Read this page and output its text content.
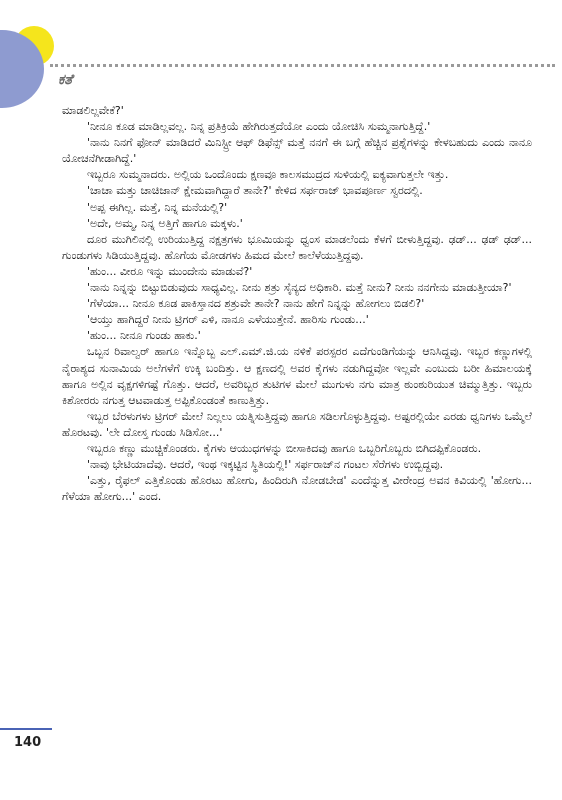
ಕತೆ

ಮಾಡಲಿಲ್ಲವೇಕೆ?'

'ನೀನೂ ಕೂಡ ಮಾಡಿಲ್ಲವಲ್ಲ. ನಿನ್ನ ಪ್ರತಿಕ್ರಿಯೆ ಹೇಗಿರುತ್ತದೆಯೋ ಎಂದು ಯೋಚಿಸಿ ಸುಮ್ಮನಾಗುತ್ತಿದ್ದೆ.'

'ನಾನು ನಿನಗೆ ಫೋನ್ ಮಾಡಿದರೆ ಮಿನಿಸ್ಟ್ರೀ ಆಫ್ ಡಿಫೆನ್ಸ್ ಮತ್ತೆ ನನಗೆ ಈ ಬಗ್ಗೆ ಹೆಚ್ಚಿನ ಪ್ರಶ್ನೆಗಳನ್ನು ಕೇಳಬಹುದು ಎಂದು ನಾನೂ ಯೋಚನೆಗೀಡಾಗಿದ್ದೆ.'

ಇಬ್ಬರೂ ಸುಮ್ಮನಾದರು. ಅಲ್ಲಿಯ ಒಂದೊಂದು ಕ್ಷಣವೂ ಕಾಲಸಮುದ್ರದ ಸುಳಿಯಲ್ಲಿ ಐಕ್ಯವಾಗುತ್ತಲೇ ಇತ್ತು.

'ಚಾಚಾ ಮತ್ತು ಚಾಚಿಜಾನ್ ಕ್ಷೇಮವಾಗಿದ್ದಾರೆ ತಾನೇ?' ಕೇಳಿದ ಸರ್ಫರಾಜ್ ಭಾವಪೂರ್ಣ ಸ್ವರದಲ್ಲಿ.

'ಅಪ್ಪ ಈಗಿಲ್ಲ. ಮತ್ತೆ, ನಿನ್ನ ಮನೆಯಲ್ಲಿ?'

'ಅದೇ, ಅಮ್ಮ, ನಿನ್ನ ಅತ್ತಿಗೆ ಹಾಗೂ ಮಕ್ಕಳು.'

ದೂರ ಮುಗಿಲಿನಲ್ಲಿ ಉರಿಯುತ್ತಿದ್ದ ನಕ್ಷತ್ರಗಳು ಭೂಮಿಯನ್ನು ಧ್ವಂಸ ಮಾಡಲೆಂದು ಕೆಳಗೆ ಬೀಳುತ್ತಿದ್ದವು. ಢಡ್... ಢಡ್ ಢಡ್... ಗುಂಡುಗಳು ಸಿಡಿಯುತ್ತಿದ್ದವು. ಹೊಗೆಯ ಮೋಡಗಳು ಹಿಮದ ಮೇಲೆ ಕಾಲೆಳೆಯುತ್ತಿದ್ದವು.

'ಹುಂ... ವೀರೂ ಇನ್ನು ಮುಂದೇನು ಮಾಡುವೆ?'

'ನಾನು ನಿನ್ನನ್ನು ಬಿಟ್ಟುಬಿಡುವುದು ಸಾಧ್ಯವಿಲ್ಲ. ನೀನು ಶತ್ರು ಸೈನ್ಯದ ಅಧಿಕಾರಿ. ಮತ್ತೆ ನೀನು? ನೀನು ನನಗೇನು ಮಾಡುತ್ತೀಯಾ?'

'ಗೆಳೆಯಾ... ನೀನೂ ಕೂಡ ಪಾಕಿಸ್ತಾನದ ಶತ್ರುವೇ ತಾನೇ? ನಾನು ಹೇಗೆ ನಿನ್ನನ್ನು ಹೋಗಲು ಬಿಡಲಿ?'

'ಆಯ್ತು ಹಾಗಿದ್ದರೆ ನೀನು ಟ್ರಿಗರ್ ಎಳಿ, ನಾನೂ ಎಳೆಯುತ್ತೇನೆ. ಹಾರಿಸು ಗುಂಡು...'

'ಹುಂ... ನೀನೂ ಗುಂಡು ಹಾಕು.'

ಒಬ್ಬನ ರಿವಾಲ್ವರ್ ಹಾಗೂ ಇನ್ನೊಬ್ಬ ಎಲ್.ಎಮ್.ಜಿ.ಯ ನಳಿಕೆ ಪರಸ್ಪರರ ಎದೆಗುಂಡಿಗೆಯನ್ನು ಆನಿಸಿದ್ದವು. ಇಬ್ಬರ ಕಣ್ಣುಗಳಲ್ಲಿ ನೈರಾಶ್ಯದ ಸುನಾಮಿಯ ಅಲೆಗಳೆಗೆ ಉಕ್ಕಿ ಬಂದಿತ್ತು. ಆ ಕ್ಷಣದಲ್ಲಿ ಅವರ ಕೈಗಳು ನಡುಗಿದ್ದವೋ ಇಲ್ಲವೇ ಎಂಬುದು ಬರೀ ಹಿಮಾಲಯಕ್ಕೆ ಹಾಗೂ ಅಲ್ಲಿನ ವೃಕ್ಷಗಳಿಗಷ್ಟೆ ಗೊತ್ತು. ಆದರೆ, ಅವರಿಬ್ಬರ ತುಟಿಗಳ ಮೇಲೆ ಮುಗುಳು ನಗು ಮಾತ್ರ ಠುಂಠುರಿಯುತ ಚಿಮ್ಮುತ್ತಿತ್ತು. ಇಬ್ಬರು ಕಿಶೋರರು ನಗುತ್ತ ಆಟವಾಡುತ್ತ ಅಪ್ಪಿಕೊಂಡಂತೆ ಕಾಣುತ್ತಿತ್ತು.

ಇಬ್ಬರ ಬೆರಳುಗಳು ಟ್ರಿಗರ್ ಮೇಲೆ ನಿಲ್ಲಲು ಯತ್ನಿಸುತ್ತಿದ್ದವು ಹಾಗೂ ಸಡಿಲಗೊಳ್ಳುತ್ತಿದ್ದವು. ಅಷ್ಟರಲ್ಲಿಯೇ ಎರಡು ಧ್ವನಿಗಳು ಒಮ್ಮೆಲೆ ಹೊರಟವು. 'ಲೇ ದೋಸ್ತ ಗುಂಡು ಸಿಡಿಸೋ...'

ಇಬ್ಬರೂ ಕಣ್ಣು ಮುಚ್ಚಿಕೊಂಡರು. ಕೈಗಳು ಆಯುಧಗಳನ್ನು ಬೀಸಾಕಿದವು ಹಾಗೂ ಒಬ್ಬರಿಗೊಬ್ಬರು ಬಿಗಿದಪ್ಪಿಕೊಂಡರು.

'ನಾವು ಭೇಟಿಯಾದೆವು. ಆದರೆ, ಇಂಥ ಇಕ್ಕಟ್ಟಿನ ಸ್ಥಿತಿಯಲ್ಲಿ!' ಸರ್ಫರಾಜ್‌ನ ಗಂಟಲ ಸೆರೆಗಳು ಉಬ್ಬಿದ್ದವು.

'ಎತ್ತು, ರೈಫಲ್ ಎತ್ತಿಕೊಂಡು ಹೊರಟು ಹೋಗು, ಹಿಂದಿರುಗಿ ನೋಡಬೇಡ' ಎಂದೆನ್ನುತ್ತ ವೀರೇಂದ್ರ ಅವನ ಕಿವಿಯಲ್ಲಿ 'ಹೋಗು... ಗೆಳೆಯಾ ಹೋಗು...' ಎಂದ.

140
